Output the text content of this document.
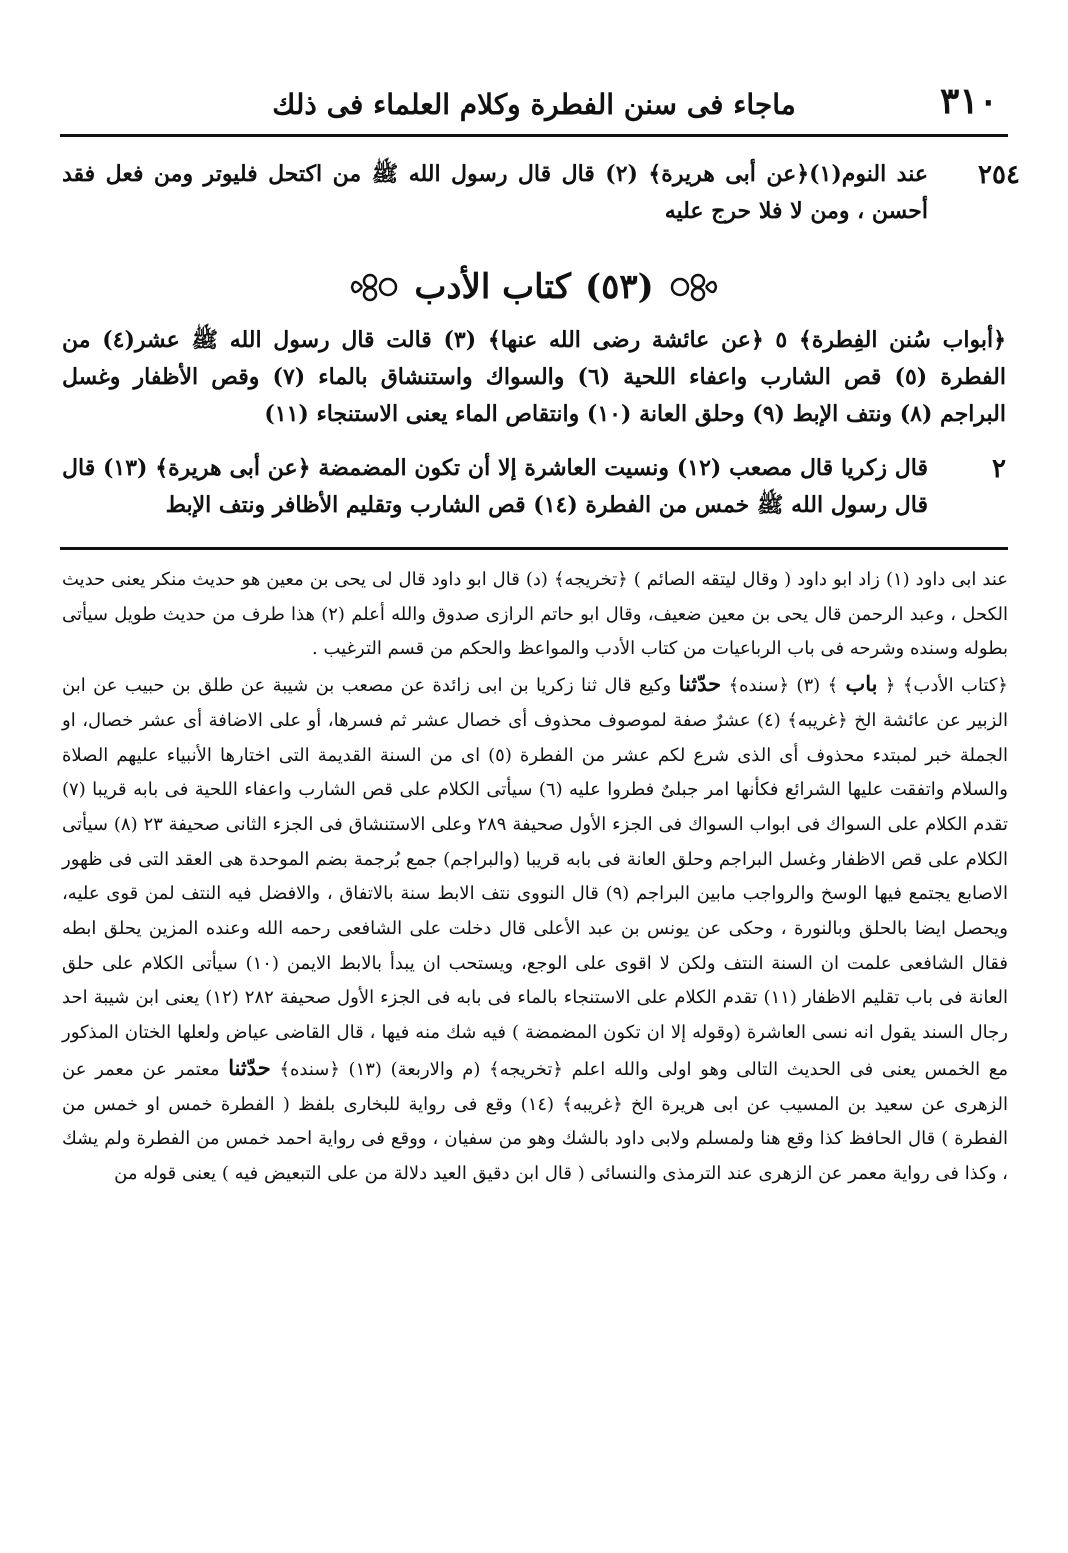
٣١٠
ماجاء فى سنن الفطرة وكلام العلماء فى ذلك
٢٥٤
عند النوم(١)﴿عن أبى هريرة﴾ (٢) قال قال رسول الله ﷺ من اكتحل فليوتر ومن فعل فقد أحسن ، ومن لا فلا حرج عليه
(٥٣)
كتاب الأدب
﴿أبواب سُنن الفِطرة﴾ ٥ ﴿عن عائشة رضى الله عنها﴾ (٣) قالت قال رسول الله ﷺ عشر(٤) من الفطرة (٥) قص الشارب واعفاء اللحية (٦) والسواك واستنشاق بالماء (٧) وقص الأظفار وغسل البراجم (٨) ونتف الإبط (٩) وحلق العانة (١٠) وانتقاص الماء يعنى الاستنجاء (١١)
٢
قال زكريا قال مصعب (١٢) ونسيت العاشرة إلا أن تكون المضمضة ﴿عن أبى هريرة﴾ (١٣) قال قال رسول الله ﷺ خمس من الفطرة (١٤) قص الشارب وتقليم الأظافر ونتف الإبط

عند ابى داود (١) زاد ابو داود ( وقال ليتقه الصائم ) ﴿تخريجه﴾ (د) قال ابو داود قال لى يحى بن معين هو حديث منكر يعنى حديث الكحل ، وعبد الرحمن قال يحى بن معين ضعيف، وقال ابو حاتم الرازى صدوق والله أعلم (٢) هذا طرف من حديث طويل سيأتى بطوله وسنده وشرحه فى باب الرباعيات من كتاب الأدب والمواعظ والحكم من قسم الترغيب .

﴿كتاب الأدب﴾ ﴿ باب ﴾ (٣) ﴿سنده﴾ حدّثنا وكيع قال ثنا زكريا بن ابى زائدة عن مصعب بن شيبة عن طلق بن حبيب عن ابن الزبير عن عائشة الخ ﴿غريبه﴾ (٤) عشرٌ صفة لموصوف محذوف أى خصال عشر ثم فسرها، أو على الاضافة أى عشر خصال، او الجملة خبر لمبتدء محذوف أى الذى شرع لكم عشر من الفطرة (٥) اى من السنة القديمة التى اختارها الأنبياء عليهم الصلاة والسلام واتفقت عليها الشرائع فكأنها امر جبلىٌ فطروا عليه (٦) سيأتى الكلام على قص الشارب واعفاء اللحية فى بابه قريبا (٧) تقدم الكلام على السواك فى ابواب السواك فى الجزء الأول صحيفة ٢٨٩ وعلى الاستنشاق فى الجزء الثانى صحيفة ٢٣ (٨) سيأتى الكلام على قص الاظفار وغسل البراجم وحلق العانة فى بابه قريبا (والبراجم) جمع بُرجمة بضم الموحدة هى العقد التى فى ظهور الاصابع يجتمع فيها الوسخ والرواجب مابين البراجم (٩) قال النووى نتف الابط سنة بالاتفاق ، والافضل فيه النتف لمن قوى عليه، ويحصل ايضا بالحلق وبالنورة ، وحكى عن يونس بن عبد الأعلى قال دخلت على الشافعى رحمه الله وعنده المزين يحلق ابطه فقال الشافعى علمت ان السنة النتف ولكن لا اقوى على الوجع، ويستحب ان يبدأ بالابط الايمن (١٠) سيأتى الكلام على حلق العانة فى باب تقليم الاظفار (١١) تقدم الكلام على الاستنجاء بالماء فى بابه فى الجزء الأول صحيفة ٢٨٢ (١٢) يعنى ابن شيبة احد رجال السند يقول انه نسى العاشرة (وقوله إلا ان تكون المضمضة ) فيه شك منه فيها ، قال القاضى عياض ولعلها الختان المذكور مع الخمس يعنى فى الحديث التالى وهو اولى والله اعلم ﴿تخريجه﴾ (م والاربعة) (١٣) ﴿سنده﴾ حدّثنا معتمر عن معمر عن الزهرى عن سعيد بن المسيب عن ابى هريرة الخ ﴿غريبه﴾ (١٤) وقع فى رواية للبخارى بلفظ ( الفطرة خمس او خمس من الفطرة ) قال الحافظ كذا وقع هنا ولمسلم ولابى داود بالشك وهو من سفيان ، ووقع فى رواية احمد خمس من الفطرة ولم يشك ، وكذا فى رواية معمر عن الزهرى عند الترمذى والنسائى ( قال ابن دقيق العيد دلالة من على التبعيض فيه ) يعنى قوله من
